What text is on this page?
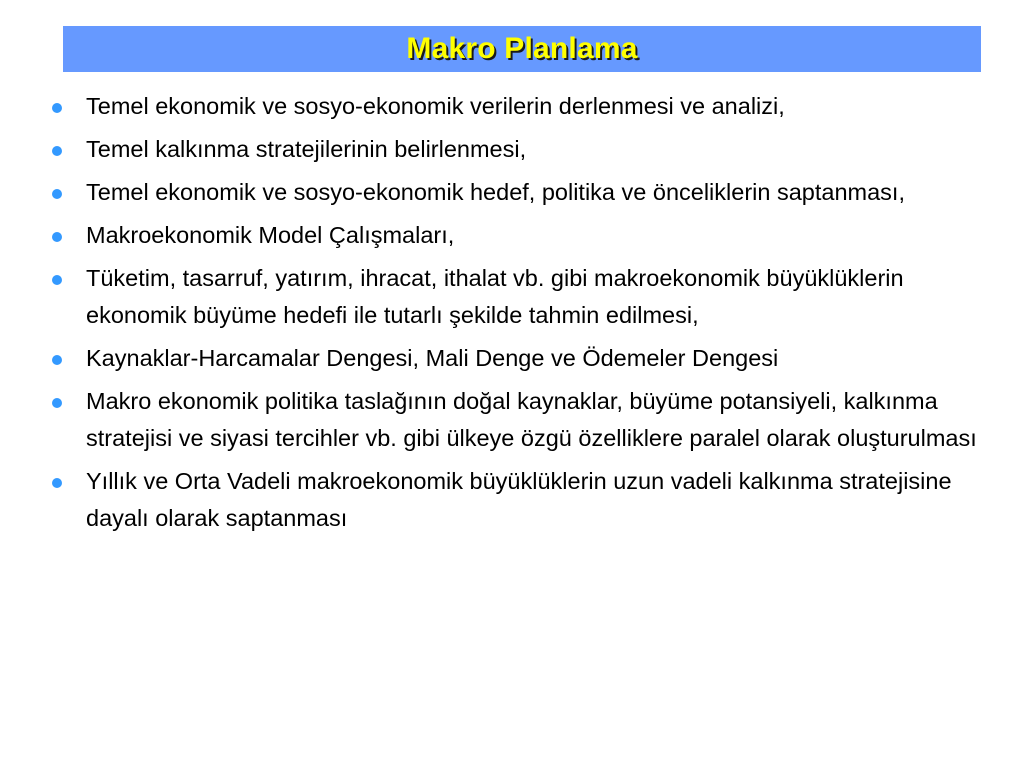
Makro Planlama
Temel ekonomik ve sosyo-ekonomik verilerin derlenmesi ve analizi,
Temel kalkınma stratejilerinin belirlenmesi,
Temel ekonomik ve sosyo-ekonomik hedef, politika ve önceliklerin saptanması,
Makroekonomik Model Çalışmaları,
Tüketim, tasarruf, yatırım, ihracat, ithalat vb. gibi makroekonomik büyüklüklerin ekonomik büyüme hedefi ile tutarlı şekilde tahmin edilmesi,
Kaynaklar-Harcamalar Dengesi, Mali Denge ve Ödemeler Dengesi
Makro ekonomik politika taslağının doğal kaynaklar, büyüme potansiyeli, kalkınma stratejisi ve siyasi tercihler vb. gibi ülkeye özgü özelliklere paralel olarak oluşturulması
Yıllık ve Orta Vadeli makroekonomik büyüklüklerin uzun vadeli kalkınma stratejisine dayalı olarak saptanması
